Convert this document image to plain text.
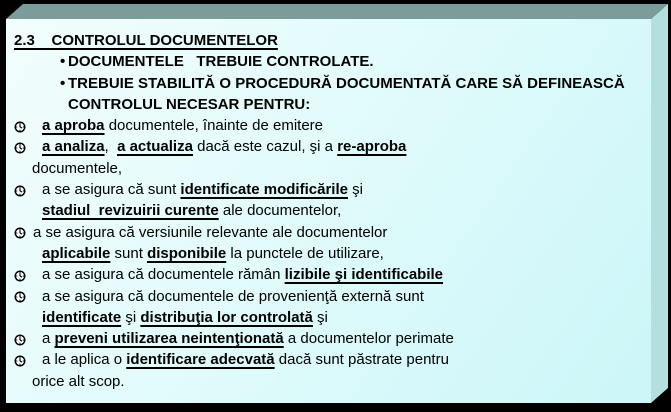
2.3    CONTROLUL DOCUMENTELOR
• DOCUMENTELE   TREBUIE CONTROLATE.
• TREBUIE STABILITĂ O PROCEDURĂ DOCUMENTATĂ CARE SĂ DEFINEASCĂ
CONTROLUL NECESAR PENTRU:
a aproba documentele, înainte de emitere
a analiza,  a actualiza dacă este cazul, şi a re-aproba
documentele,
a se asigura că sunt identificate modificările şi
stadiul  revizuirii curente ale documentelor,
a se asigura că versiunile relevante ale documentelor
aplicabile sunt disponibile la punctele de utilizare,
a se asigura că documentele rămân lizibile şi identificabile
a se asigura că documentele de provenienţă externă sunt
identificate şi distribuţia lor controlată şi
a preveni utilizarea neintenţionată a documentelor perimate
a le aplica o identificare adecvată dacă sunt păstrate pentru
orice alt scop.
